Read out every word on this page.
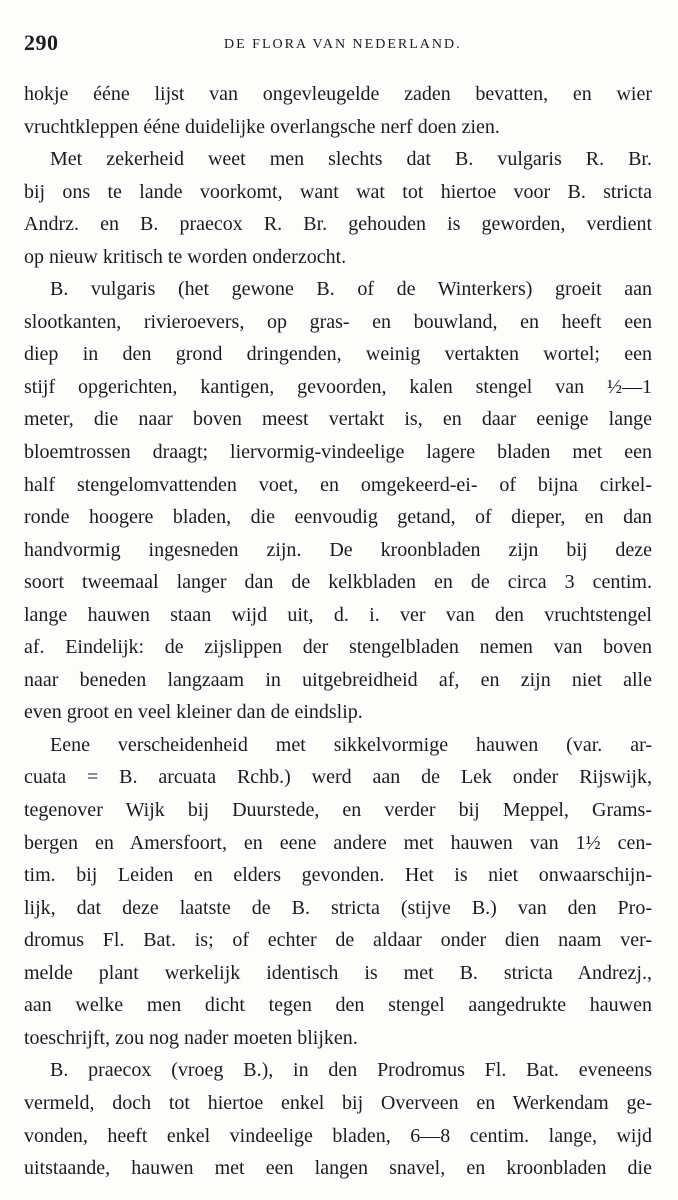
290	DE FLORA VAN NEDERLAND.
hokje ééne lijst van ongevleugelde zaden bevatten, en wier
vruchtkleppen ééne duidelijke overlangsche nerf doen zien.
Met zekerheid weet men slechts dat B. vulgaris R. Br.
bij ons te lande voorkomt, want wat tot hiertoe voor B. stricta
Andrz. en B. praecox R. Br. gehouden is geworden, verdient
op nieuw kritisch te worden onderzocht.
B. vulgaris (het gewone B. of de Winterkers) groeit aan
slootkanten, rivieroevers, op gras- en bouwland, en heeft een
diep in den grond dringenden, weinig vertakten wortel; een
stijf opgerichten, kantigen, gevoorden, kalen stengel van ½—1
meter, die naar boven meest vertakt is, en daar eenige lange
bloemtrossen draagt; liervormig-vindeelige lagere bladen met een
half stengelomvattenden voet, en omgekeerd-ei- of bijna cirkel-
ronde hoogere bladen, die eenvoudig getand, of dieper, en dan
handvormig ingesneden zijn. De kroonbladen zijn bij deze
soort tweemaal langer dan de kelkbladen en de circa 3 centim.
lange hauwen staan wijd uit, d. i. ver van den vruchtstengel
af. Eindelijk: de zijslippen der stengelbladen nemen van boven
naar beneden langzaam in uitgebreidheid af, en zijn niet alle
even groot en veel kleiner dan de eindslip.
Eene verscheidenheid met sikkelvormige hauwen (var. ar-
cuata = B. arcuata Rchb.) werd aan de Lek onder Rijswijk,
tegenover Wijk bij Duurstede, en verder bij Meppel, Grams-
bergen en Amersfoort, en eene andere met hauwen van 1½ cen-
tim. bij Leiden en elders gevonden. Het is niet onwaarschijn-
lijk, dat deze laatste de B. stricta (stijve B.) van den Pro-
dromus Fl. Bat. is; of echter de aldaar onder dien naam ver-
melde plant werkelijk identisch is met B. stricta Andrezj.,
aan welke men dicht tegen den stengel aangedrukte hauwen
toeschrijft, zou nog nader moeten blijken.
B. praecox (vroeg B.), in den Prodromus Fl. Bat. eveneens
vermeld, doch tot hiertoe enkel bij Overveen en Werkendam ge-
vonden, heeft enkel vindeelige bladen, 6—8 centim. lange, wijd
uitstaande, hauwen met een langen snavel, en kroonbladen die
